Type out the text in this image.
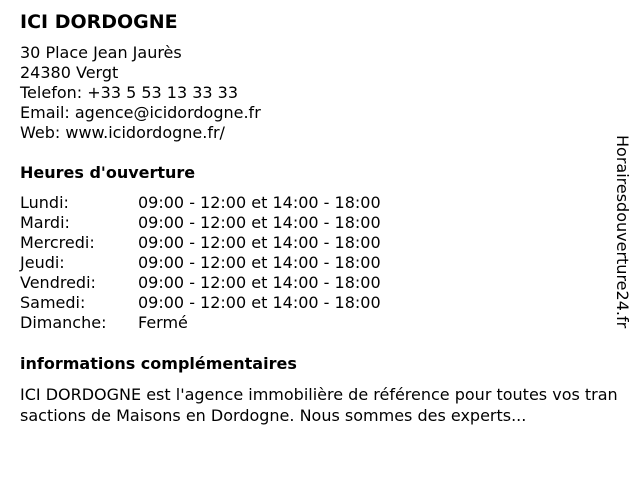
ICI DORDOGNE
30 Place Jean Jaurès
24380 Vergt
Telefon: +33 5 53 13 33 33
Email: agence@icidordogne.fr
Web: www.icidordogne.fr/
Heures d'ouverture
Lundi:	09:00 - 12:00 et 14:00 - 18:00
Mardi:	09:00 - 12:00 et 14:00 - 18:00
Mercredi:	09:00 - 12:00 et 14:00 - 18:00
Jeudi:	09:00 - 12:00 et 14:00 - 18:00
Vendredi:	09:00 - 12:00 et 14:00 - 18:00
Samedi:	09:00 - 12:00 et 14:00 - 18:00
Dimanche:	Fermé
informations complémentaires
ICI DORDOGNE est l'agence immobilière de référence pour toutes vos transactions de Maisons en Dordogne. Nous sommes des experts...
Horairesdouverture24.fr
